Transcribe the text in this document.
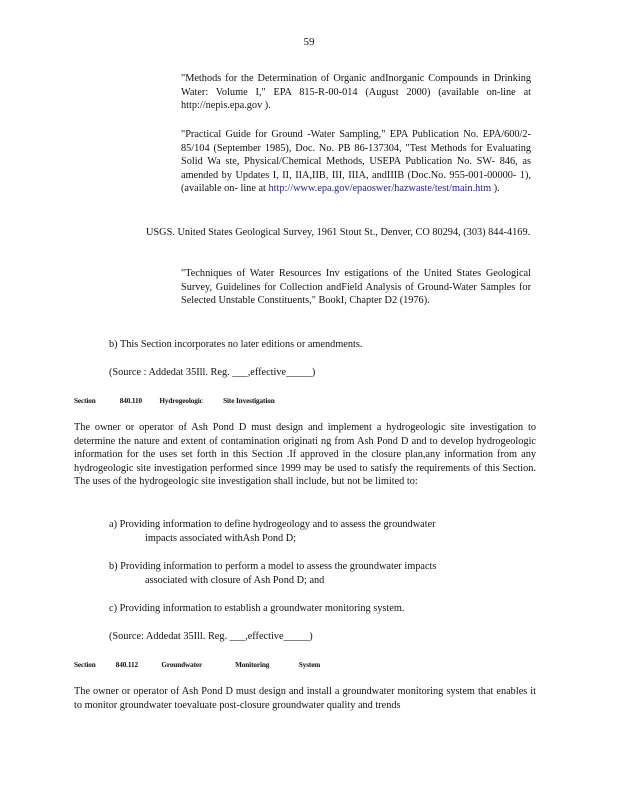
59
"Methods for the Determination of Organic andInorganic Compounds in Drinking Water: Volume I," EPA 815-R-00-014 (August 2000) (available on-line at http://nepis.epa.gov ).
"Practical Guide for Ground -Water Sampling," EPA Publication No. EPA/600/2-85/104 (September 1985), Doc. No. PB 86-137304, "Test Methods for Evaluating Solid Wa ste, Physical/Chemical Methods, USEPA Publication No. SW- 846, as amended by Updates I, II, IIA,IIB, III, IIIA, andIIIB (Doc.No. 955-001-00000- 1), (available on- line at http://www.epa.gov/epaoswer/hazwaste/test/main.htm ).
USGS. United States Geological Survey, 1961 Stout St., Denver, CO 80294, (303) 844-4169.
"Techniques of Water Resources Inv estigations of the United States Geological Survey, Guidelines for Collection andField Analysis of Ground-Water Samples for Selected Unstable Constituents," BookI, Chapter D2 (1976).
b) This Section incorporates no later editions or amendments.
(Source : Addedat 35Ill. Reg. ___,effective_____)
Section	840.110 Hydrogeologic	Site Investigation
The owner or operator of Ash Pond D must design and implement a hydrogeologic site investigation to determine the nature and extent of contamination originati ng from Ash Pond D and to develop hydrogeologic information for the uses set forth in this Section .If approved in the closure plan,any information from any hydrogeologic site investigation performed since 1999 may be used to satisfy the requirements of this Section. The uses of the hydrogeologic site investigation shall include, but not be limited to:
a) Providing information to define hydrogeology and to assess the groundwater
impacts associated withAsh Pond D;
b) Providing information to perform a model to assess the groundwater impacts
associated with closure of Ash Pond D; and
c) Providing information to establish a groundwater monitoring system.
(Source: Addedat 35Ill. Reg. ___,effective_____)
Section	840.112	Groundwater	Monitoring	System
The owner or operator of Ash Pond D must design and install a groundwater monitoring system that enables it to monitor groundwater toevaluate post-closure groundwater quality and trends
